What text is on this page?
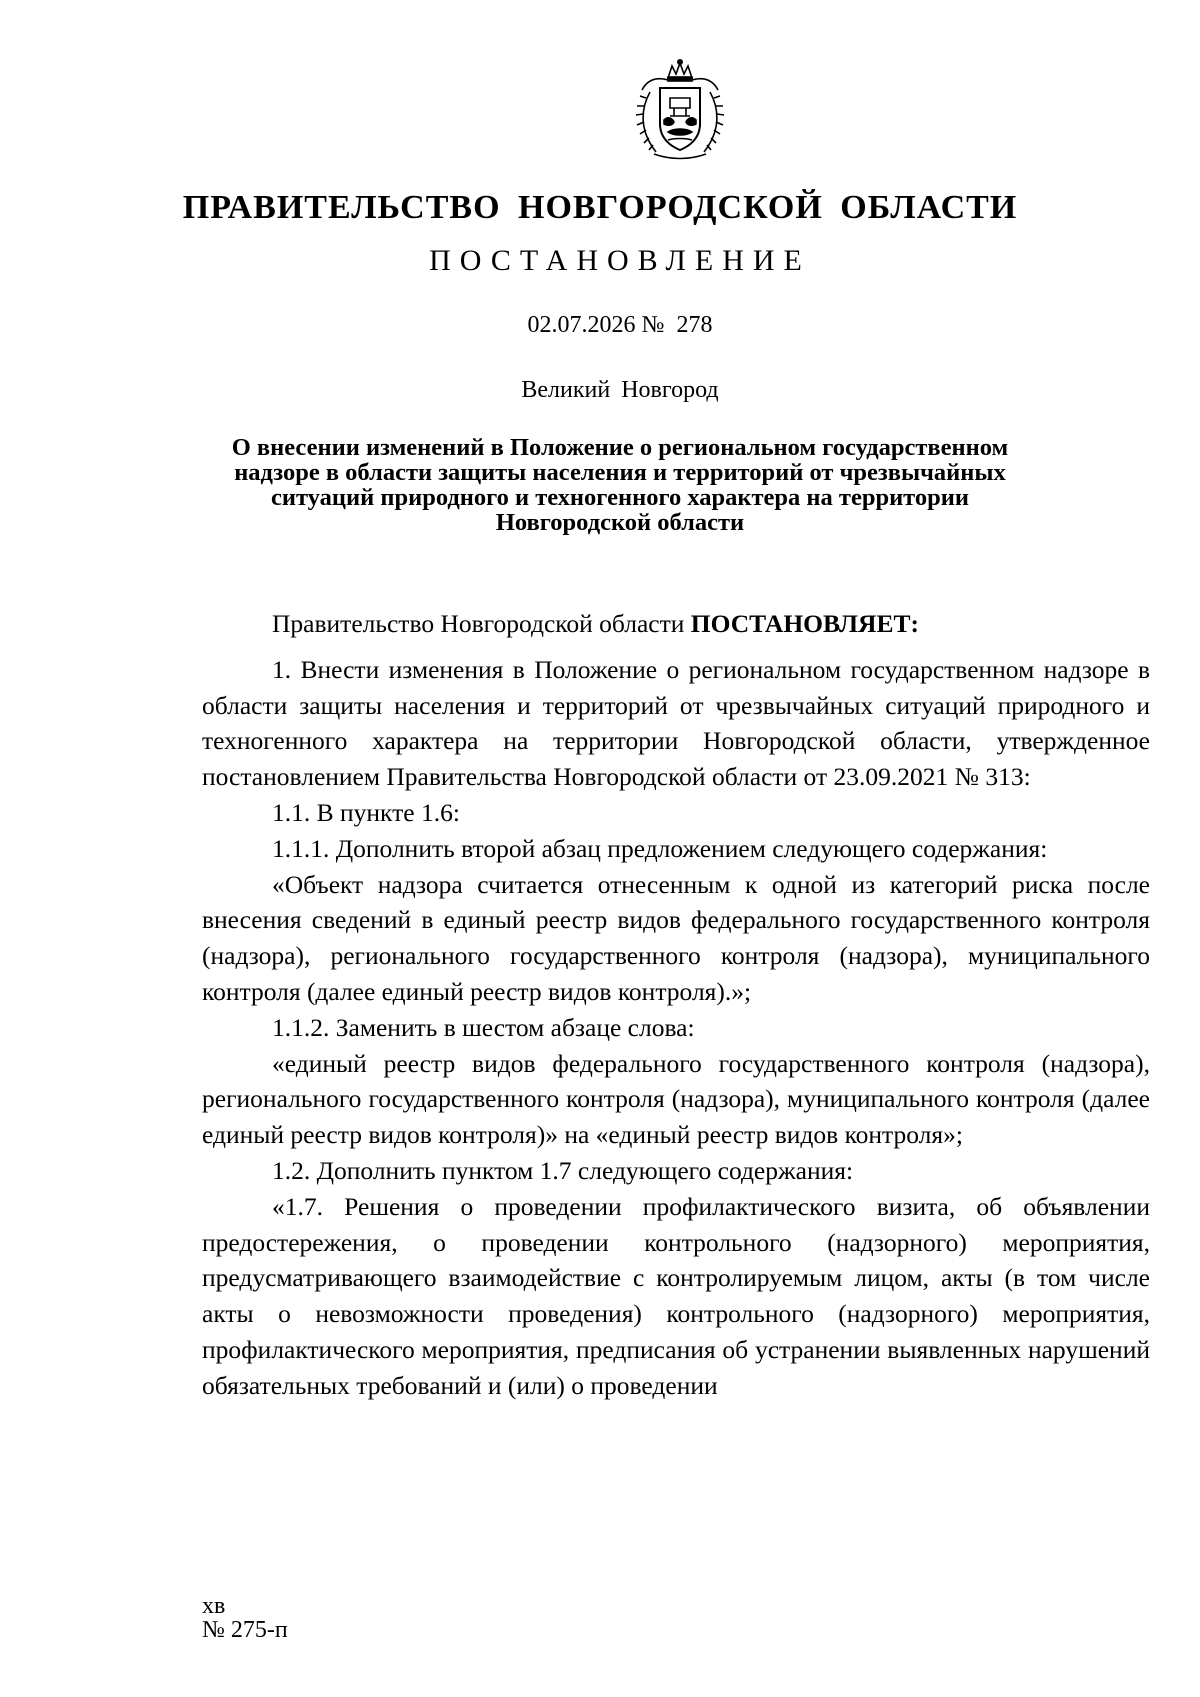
ПРАВИТЕЛЬСТВО НОВГОРОДСКОЙ ОБЛАСТИ
ПОСТАНОВЛЕНИЕ
02.07.2026 № 278
Великий Новгород
О внесении изменений в Положение о региональном государственном
надзоре в области защиты населения и территорий от чрезвычайных
ситуаций природного и техногенного характера на территории
Новгородской области
Правительство Новгородской области ПОСТАНОВЛЯЕТ:
1. Внести изменения в Положение о региональном государственном надзоре в области защиты населения и территорий от чрезвычайных ситуаций природного и техногенного характера на территории Новгородской области, утвержденное постановлением Правительства Новгородской области от 23.09.2021 № 313:
1.1. В пункте 1.6:
1.1.1. Дополнить второй абзац предложением следующего содержания:
«Объект надзора считается отнесенным к одной из категорий риска после внесения сведений в единый реестр видов федерального государственного контроля (надзора), регионального государственного контроля (надзора), муниципального контроля (далее единый реестр видов контроля).»;
1.1.2. Заменить в шестом абзаце слова:
«единый реестр видов федерального государственного контроля (надзора), регионального государственного контроля (надзора), муниципального контроля (далее единый реестр видов контроля)» на «единый реестр видов контроля»;
1.2. Дополнить пунктом 1.7 следующего содержания:
«1.7. Решения о проведении профилактического визита, об объявлении предостережения, о проведении контрольного (надзорного) мероприятия, предусматривающего взаимодействие с контролируемым лицом, акты (в том числе акты о невозможности проведения) контрольного (надзорного) мероприятия, профилактического мероприятия, предписания об устранении выявленных нарушений обязательных требований и (или) о проведении
хв
№ 275-п
